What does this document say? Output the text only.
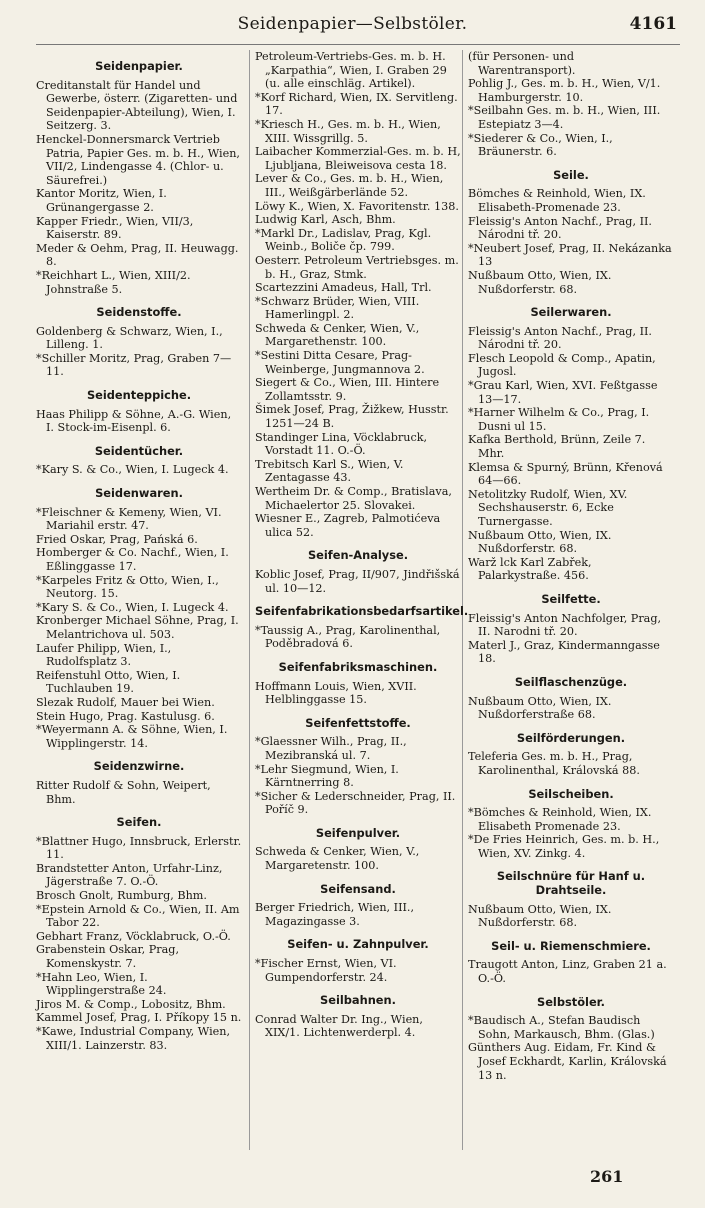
Seidenpapier—Selbstöler.	4161
Seidenpapier.
Creditanstalt für Handel und Gewerbe, österr. (Zigaretten- und Seidenpapier-Abteilung), Wien, I. Seitzerg. 3.
Henckel-Donnersmarck Vertrieb Patria, Papier Ges. m. b. H., Wien, VII/2, Lindengasse 4. (Chlor- u. Säurefrei.)
Kantor Moritz, Wien, I. Grünangergasse 2.
Kapper Friedr., Wien, VII/3, Kaiserstr. 89.
Meder & Oehm, Prag, II. Heuwagg. 8.
*Reichhart L., Wien, XIII/2. Johnstraße 5.
Seidenstoffe.
Goldenberg & Schwarz, Wien, I., Lilleng. 1.
*Schiller Moritz, Prag, Graben 7—11.
Seidenteppiche.
Haas Philipp & Söhne, A.-G. Wien, I. Stock-im-Eisenpl. 6.
Seidentücher.
*Kary S. & Co., Wien, I. Lugeck 4.
Seidenwaren.
*Fleischner & Kemeny, Wien, VI. Mariahil erstr. 47.
Fried Oskar, Prag, Pańská 6.
Homberger & Co. Nachf., Wien, I. Eßlinggasse 17.
*Karpeles Fritz & Otto, Wien, I., Neutorg. 15.
*Kary S. & Co., Wien, I. Lugeck 4.
Kronberger Michael Söhne, Prag, I. Melantrichova ul. 503.
Laufer Philipp, Wien, I., Rudolfsplatz 3.
Reifenstuhl Otto, Wien, I. Tuchlauben 19.
Slezak Rudolf, Mauer bei Wien.
Stein Hugo, Prag. Kastulusg. 6.
*Weyermann A. & Söhne, Wien, I. Wipplingerstr. 14.
Seidenzwirne.
Ritter Rudolf & Sohn, Weipert, Bhm.
Seifen.
*Blattner Hugo, Innsbruck, Erlerstr. 11.
Brandstetter Anton, Urfahr-Linz, Jägerstraße 7. O.-Ö.
Brosch Gnolt, Rumburg, Bhm.
*Epstein Arnold & Co., Wien, II. Am Tabor 22.
Gebhart Franz, Vöcklabruck, O.-Ö.
Grabenstein Oskar, Prag, Komenskystr. 7.
*Hahn Leo, Wien, I. Wipplingerstraße 24.
Jiros M. & Comp., Lobositz, Bhm.
Kammel Josef, Prag, I. Příkopy 15 n.
*Kawe, Industrial Company, Wien, XIII/1. Lainzerstr. 83.
Petroleum-Vertriebs-Ges. m. b. H. „Karpathia“, Wien, I. Graben 29 (u. alle einschläg. Artikel).
*Korf Richard, Wien, IX. Servitleng. 17.
*Kriesch H., Ges. m. b. H., Wien, XIII. Wissgrillg. 5.
Laibacher Kommerzial-Ges. m. b. H, Ljubljana, Bleiweisova cesta 18.
Lever & Co., Ges. m. b. H., Wien, III., Weißgärberlände 52.
Löwy K., Wien, X. Favoritenstr. 138.
Ludwig Karl, Asch, Bhm.
*Markl Dr., Ladislav, Prag, Kgl. Weinb., Boliče čp. 799.
Oesterr. Petroleum Vertriebsges. m. b. H., Graz, Stmk.
Scartezzini Amadeus, Hall, Trl.
*Schwarz Brüder, Wien, VIII. Hamerlingpl. 2.
Schweda & Cenker, Wien, V., Margarethenstr. 100.
*Sestini Ditta Cesare, Prag-Weinberge, Jungmannova 2.
Siegert & Co., Wien, III. Hintere Zollamtsstr. 9.
Šimek Josef, Prag, Žižkew, Husstr. 1251—24 B.
Standinger Lina, Vöcklabruck, Vorstadt 11. O.-Ö.
Trebitsch Karl S., Wien, V. Zentagasse 43.
Wertheim Dr. & Comp., Bratislava, Michaelertor 25. Slovakei.
Wiesner E., Zagreb, Palmotićeva ulica 52.
Seifen-Analyse.
Koblic Josef, Prag, II/907, Jindřišská ul. 10—12.
Seifenfabrikationsbedarfsartikel.
*Taussig A., Prag, Karolinenthal, Poděbradová 6.
Seifenfabriksmaschinen.
Hoffmann Louis, Wien, XVII. Helblinggasse 15.
Seifenfettstoffe.
*Glaessner Wilh., Prag, II., Mezibranská ul. 7.
*Lehr Siegmund, Wien, I. Kärntnerring 8.
*Sicher & Lederschneider, Prag, II. Poříč 9.
Seifenpulver.
Schweda & Cenker, Wien, V., Margaretenstr. 100.
Seifensand.
Berger Friedrich, Wien, III., Magazingasse 3.
Seifen- u. Zahnpulver.
*Fischer Ernst, Wien, VI. Gumpendorferstr. 24.
Seilbahnen.
Conrad Walter Dr. Ing., Wien, XIX/1. Lichtenwerderpl. 4.
(für Personen- und Warentransport).
Pohlig J., Ges. m. b. H., Wien, V/1. Hamburgerstr. 10.
*Seilbahn Ges. m. b. H., Wien, III. Estepiatz 3—4.
*Siederer & Co., Wien, I., Bräunerstr. 6.
Seile.
Bömches & Reinhold, Wien, IX. Elisabeth-Promenade 23.
Fleissig's Anton Nachf., Prag, II. Národni tř. 20.
*Neubert Josef, Prag, II. Nekázanka 13
Nußbaum Otto, Wien, IX. Nußdorferstr. 68.
Seilerwaren.
Fleissig's Anton Nachf., Prag, II. Národni tř. 20.
Flesch Leopold & Comp., Apatin, Jugosl.
*Grau Karl, Wien, XVI. Feßtgasse 13—17.
*Harner Wilhelm & Co., Prag, I. Dusni ul 15.
Kafka Berthold, Brünn, Zeile 7. Mhr.
Klemsa & Spurný, Brünn, Křenová 64—66.
Netolitzky Rudolf, Wien, XV. Sechshauserstr. 6, Ecke Turnergasse.
Nußbaum Otto, Wien, IX. Nußdorferstr. 68.
Warž lck Karl Zabřek, Palarkystraße. 456.
Seilfette.
Fleissig's Anton Nachfolger, Prag, II. Narodni tř. 20.
Materl J., Graz, Kindermanngasse 18.
Seilflaschenzüge.
Nußbaum Otto, Wien, IX. Nußdorferstraße 68.
Seilförderungen.
Teleferia Ges. m. b. H., Prag, Karolinenthal, Královská 88.
Seilscheiben.
*Bömches & Reinhold, Wien, IX. Elisabeth Promenade 23.
*De Fries Heinrich, Ges. m. b. H., Wien, XV. Zinkg. 4.
Seilschnüre für Hanf u. Drahtseile.
Nußbaum Otto, Wien, IX. Nußdorferstr. 68.
Seil- u. Riemenschmiere.
Traugott Anton, Linz, Graben 21 a. O.-Ö.
Selbstöler.
*Baudisch A., Stefan Baudisch Sohn, Markausch, Bhm. (Glas.)
Günthers Aug. Eidam, Fr. Kind & Josef Eckhardt, Karlin, Královská 13 n.
261
